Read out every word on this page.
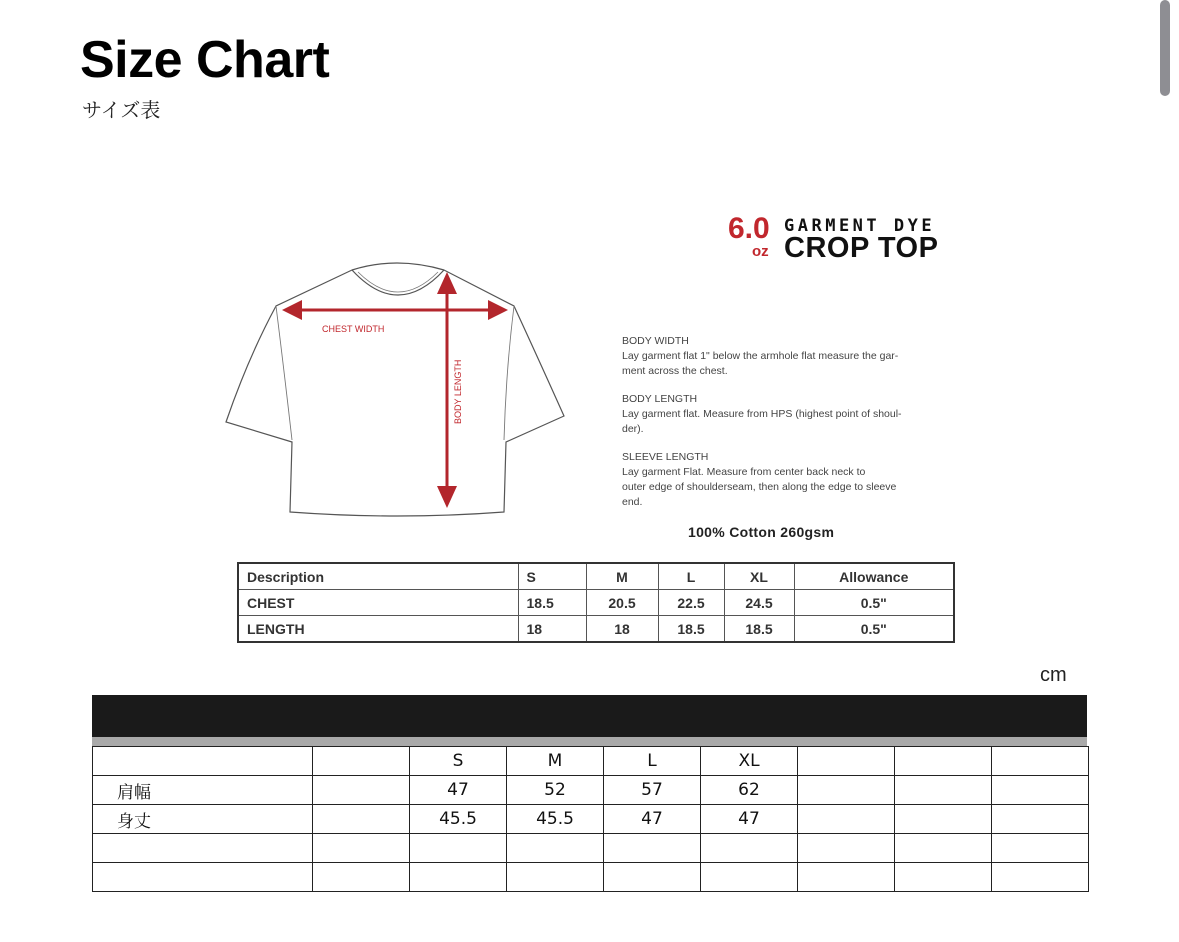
Size Chart
サイズ表
6.0
oz
GARMENT DYE
CROP TOP
CHEST WIDTH
BODY LENGTH
BODY WIDTH
Lay garment flat 1" below the armhole flat measure the gar-
ment across the chest.
BODY LENGTH
Lay garment flat. Measure from HPS (highest point of shoul-
der).
SLEEVE LENGTH
Lay garment Flat. Measure from center back neck to
outer edge of shoulderseam, then along the edge to sleeve
end.
100% Cotton 260gsm
Description	S	M	L	XL	Allowance
CHEST	18.5	20.5	22.5	24.5	0.5"
LENGTH	18	18	18.5	18.5	0.5"
cm
		S	M	L	XL			
肩幅		47	52	57	62			
身丈		45.5	45.5	47	47			
